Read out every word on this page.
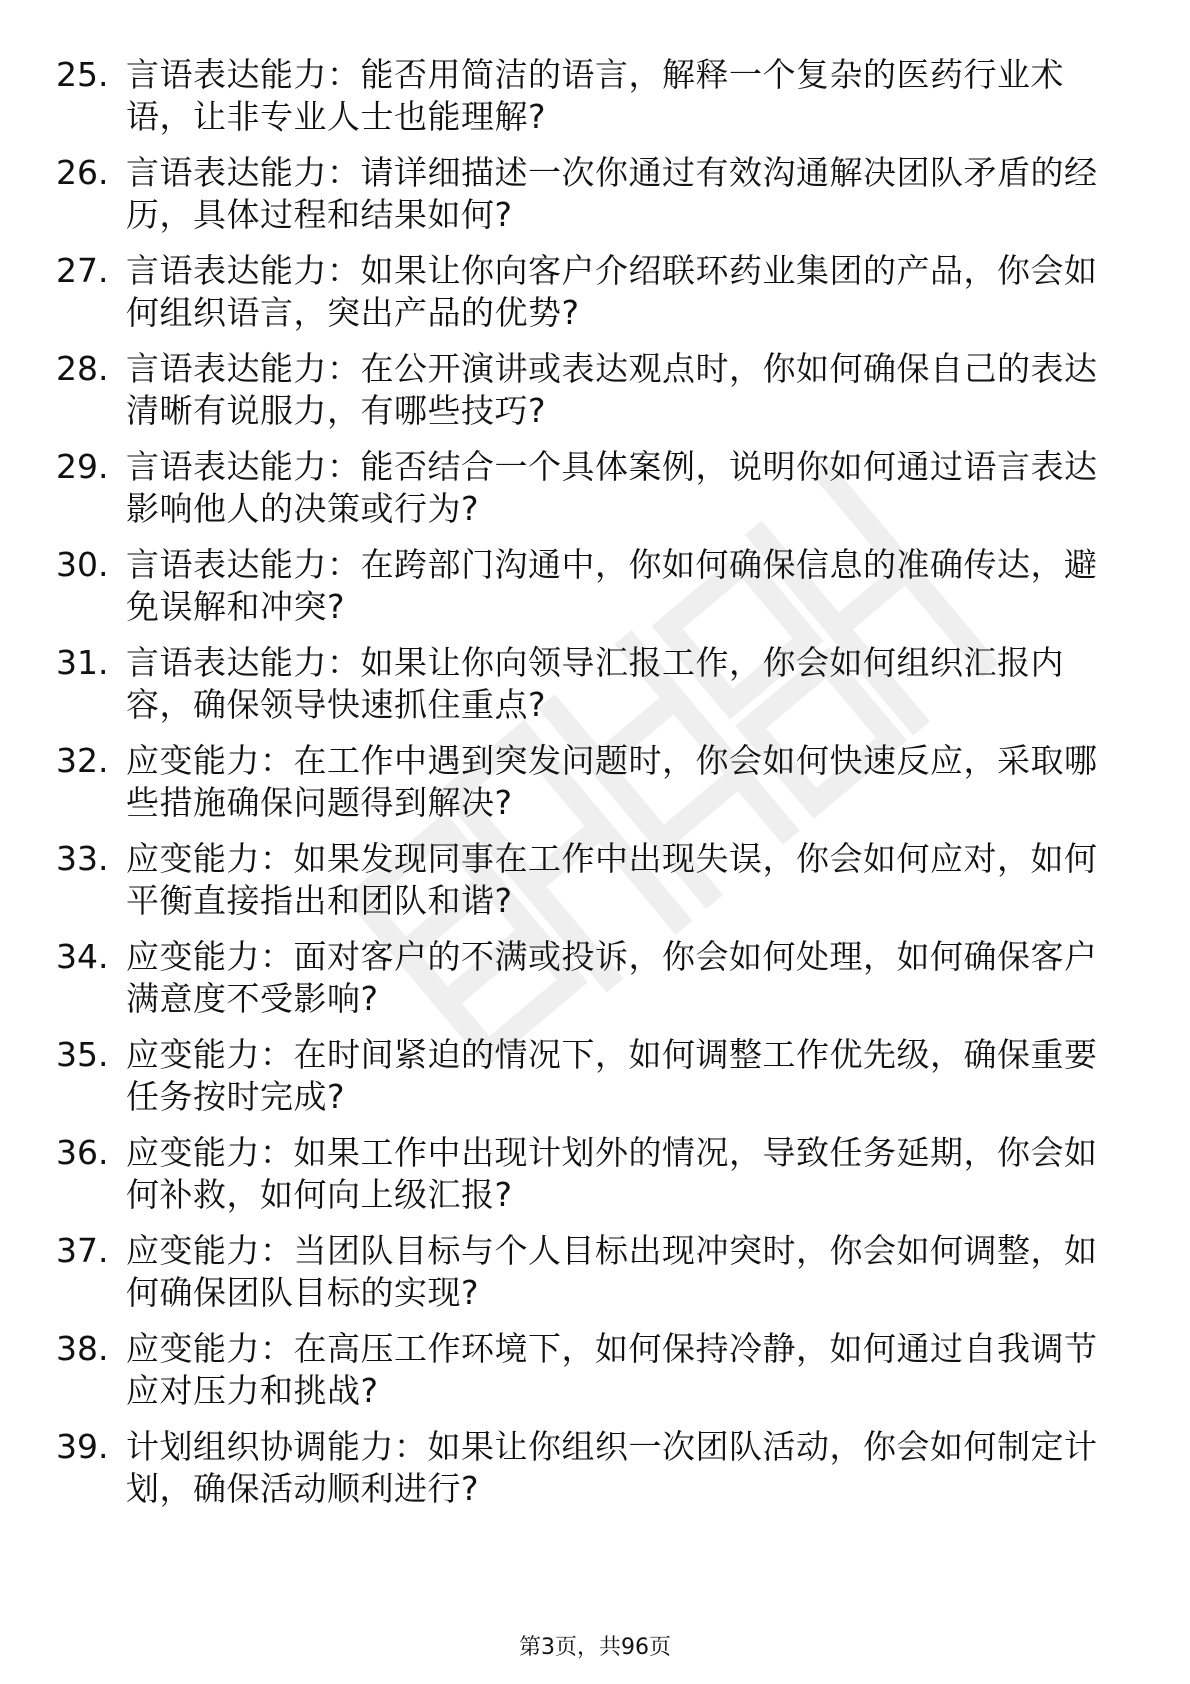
25. 言语表达能力：能否用简洁的语言，解释一个复杂的医药行业术语，让非专业人士也能理解?
26. 言语表达能力：请详细描述一次你通过有效沟通解决团队矛盾的经历，具体过程和结果如何?
27. 言语表达能力：如果让你向客户介绍联环药业集团的产品，你会如何组织语言，突出产品的优势?
28. 言语表达能力：在公开演讲或表达观点时，你如何确保自己的表达清晰有说服力，有哪些技巧?
29. 言语表达能力：能否结合一个具体案例，说明你如何通过语言表达影响他人的决策或行为?
30. 言语表达能力：在跨部门沟通中，你如何确保信息的准确传达，避免误解和冲突?
31. 言语表达能力：如果让你向领导汇报工作，你会如何组织汇报内容，确保领导快速抓住重点?
32. 应变能力：在工作中遇到突发问题时，你会如何快速反应，采取哪些措施确保问题得到解决?
33. 应变能力：如果发现同事在工作中出现失误，你会如何应对，如何平衡直接指出和团队和谐?
34. 应变能力：面对客户的不满或投诉，你会如何处理，如何确保客户满意度不受影响?
35. 应变能力：在时间紧迫的情况下，如何调整工作优先级，确保重要任务按时完成?
36. 应变能力：如果工作中出现计划外的情况，导致任务延期，你会如何补救，如何向上级汇报?
37. 应变能力：当团队目标与个人目标出现冲突时，你会如何调整，如何确保团队目标的实现?
38. 应变能力：在高压工作环境下，如何保持冷静，如何通过自我调节应对压力和挑战?
39. 计划组织协调能力：如果让你组织一次团队活动，你会如何制定计划，确保活动顺利进行?
第3页，共96页
